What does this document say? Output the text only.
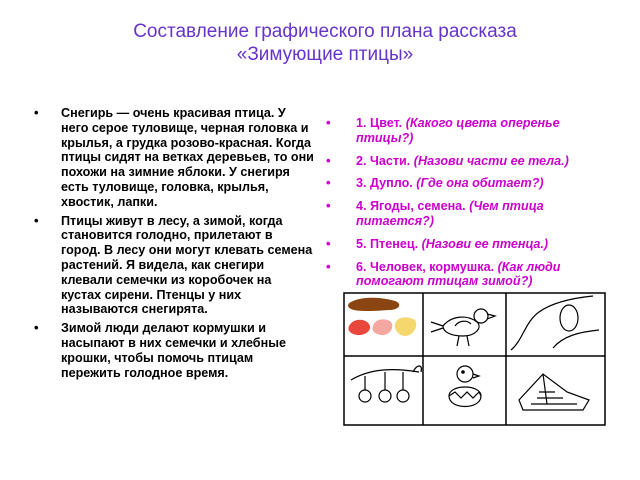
Составление графического плана рассказа
«Зимующие птицы»
• Снегирь — очень красивая птица. У него серое туловище, черная головка и крылья, а грудка розово-красная. Когда птицы сидят на ветках деревьев, то они похожи на зимние яблоки. У снегиря есть туловище, головка, крылья, хвостик, лапки.
• Птицы живут в лесу, а зимой, когда становится голодно, прилетают в город. В лесу они могут клевать семена растений. Я видела, как снегири клевали семечки из коробочек на кустах сирени. Птенцы у них называются снегирята.
• Зимой люди делают кормушки и насыпают в них семечки и хлебные крошки, чтобы помочь птицам пережить голодное время.
• 1. Цвет. (Какого цвета оперенье птицы?)
• 2. Части. (Назови части ее тела.)
• 3. Дупло. (Где она обитает?)
• 4. Ягоды, семена. (Чем птица питается?)
• 5. Птенец. (Назови ее птенца.)
• 6. Человек, кормушка. (Как люди помогают птицам зимой?)
